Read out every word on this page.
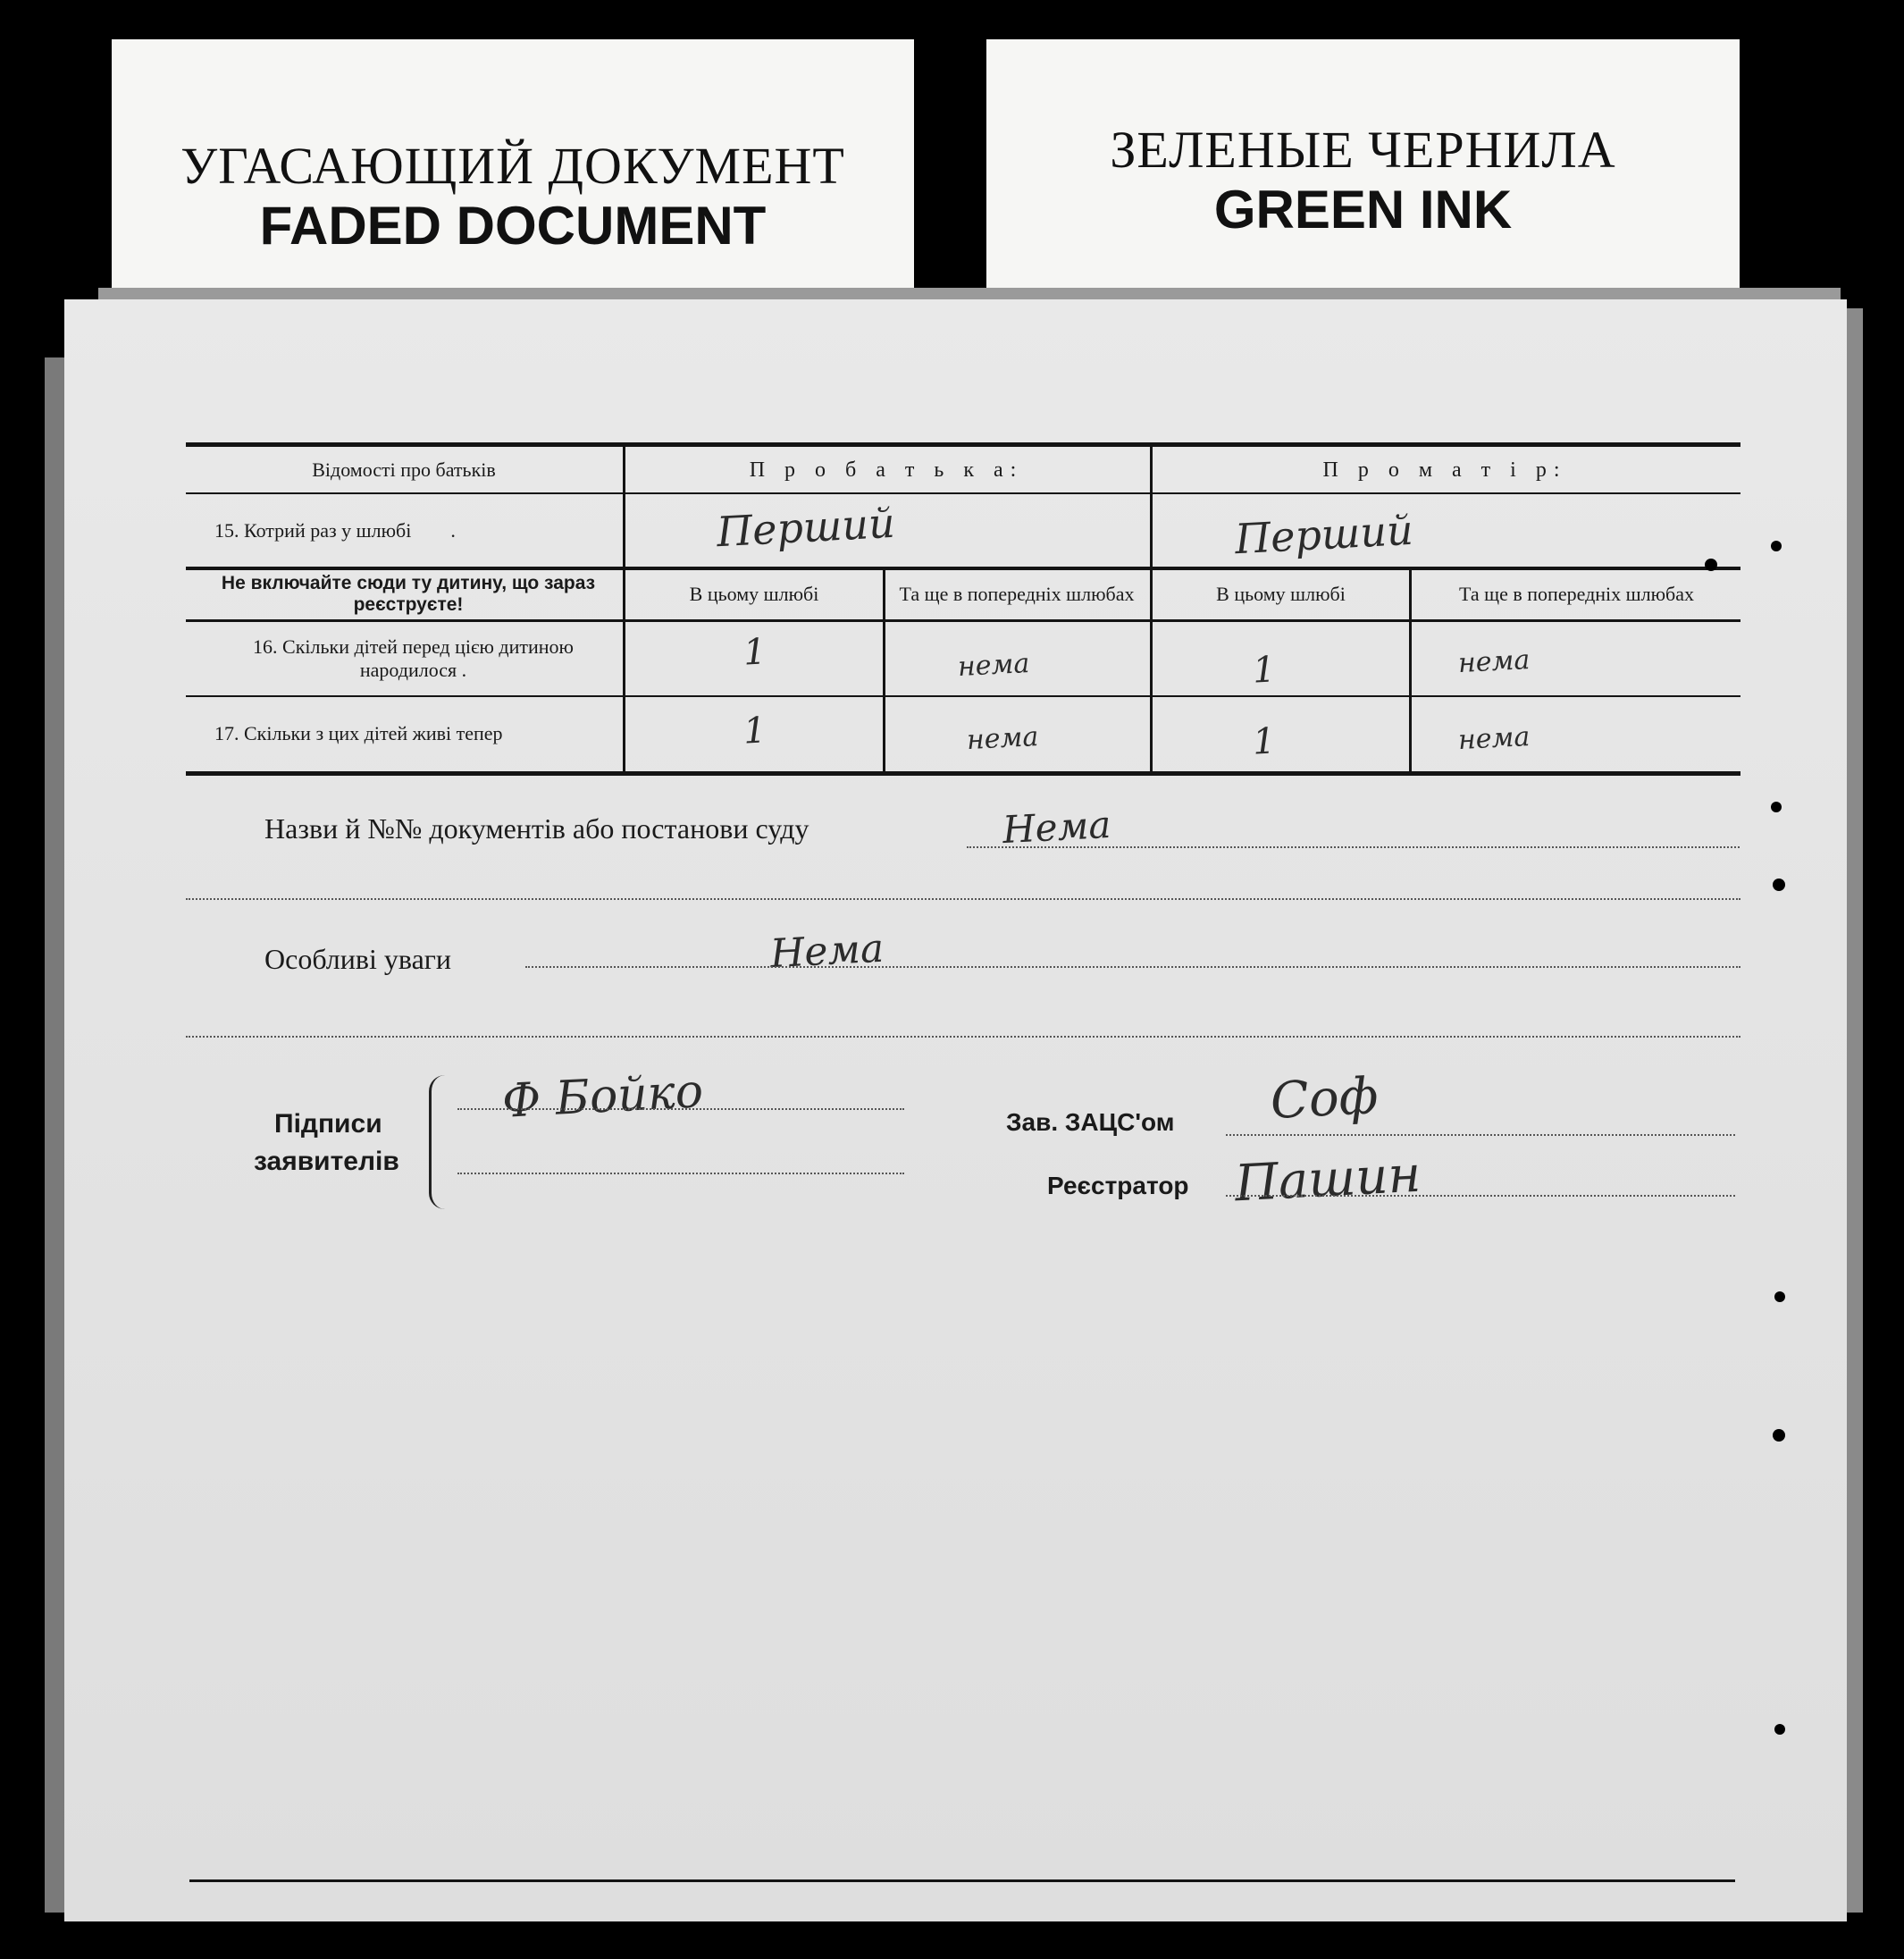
УГАСАЮЩИЙ ДОКУМЕНТ
FADED DOCUMENT
ЗЕЛЕНЫЕ ЧЕРНИЛА
GREEN INK
Відомості про батьків	П р о б а т ь к а:	П р о м а т і р:
15. Котрий раз у шлюбі        .	Перший	Перший
Не включайте сюди ту дитину, що зараз реєструєте!	В цьому шлюбі	Та ще в попередніх шлюбах	В цьому шлюбі	Та ще в попередніх шлюбах
16. Скільки дітей перед цією дитиною народилося .	1	нема	1	нема
17. Скільки з цих дітей живі тепер	1	нема	1	нема
Назви й №№ документів або постанови суду	Нема
Особливі уваги	Нема
Підписи
заявителів
Ф Бойко	Зав. ЗАЦС'ом Соф
Реєстратор Пашин
